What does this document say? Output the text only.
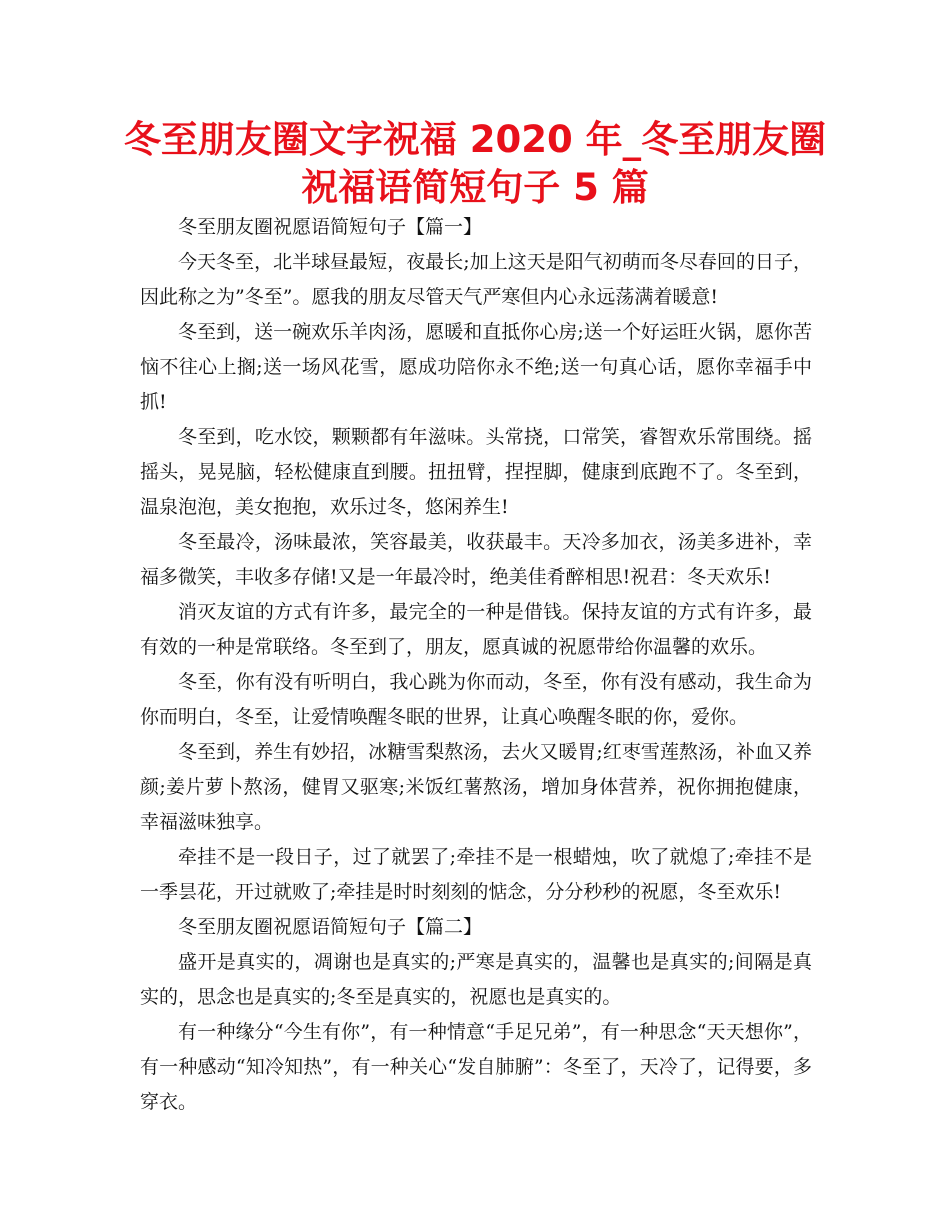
冬至朋友圈文字祝福 2020 年_冬至朋友圈祝福语简短句子 5 篇

冬至朋友圈祝愿语简短句子【篇一】

今天冬至，北半球昼最短，夜最长;加上这天是阳气初萌而冬尽春回的日子，因此称之为”冬至”。愿我的朋友尽管天气严寒但内心永远荡满着暖意!

冬至到，送一碗欢乐羊肉汤，愿暖和直抵你心房;送一个好运旺火锅，愿你苦恼不往心上搁;送一场风花雪，愿成功陪你永不绝;送一句真心话，愿你幸福手中抓!

冬至到，吃水饺，颗颗都有年滋味。头常挠，口常笑，睿智欢乐常围绕。摇摇头，晃晃脑，轻松健康直到腰。扭扭臂，捏捏脚，健康到底跑不了。冬至到，温泉泡泡，美女抱抱，欢乐过冬，悠闲养生!

冬至最冷，汤味最浓，笑容最美，收获最丰。天冷多加衣，汤美多进补，幸福多微笑，丰收多存储!又是一年最冷时，绝美佳肴醉相思!祝君：冬天欢乐!

消灭友谊的方式有许多，最完全的一种是借钱。保持友谊的方式有许多，最有效的一种是常联络。冬至到了，朋友，愿真诚的祝愿带给你温馨的欢乐。

冬至，你有没有听明白，我心跳为你而动，冬至，你有没有感动，我生命为你而明白，冬至，让爱情唤醒冬眠的世界，让真心唤醒冬眠的你，爱你。

冬至到，养生有妙招，冰糖雪梨熬汤，去火又暖胃;红枣雪莲熬汤，补血又养颜;姜片萝卜熬汤，健胃又驱寒;米饭红薯熬汤，增加身体营养，祝你拥抱健康，幸福滋味独享。

牵挂不是一段日子，过了就罢了;牵挂不是一根蜡烛，吹了就熄了;牵挂不是一季昙花，开过就败了;牵挂是时时刻刻的惦念，分分秒秒的祝愿，冬至欢乐!

冬至朋友圈祝愿语简短句子【篇二】

盛开是真实的，凋谢也是真实的;严寒是真实的，温馨也是真实的;间隔是真实的，思念也是真实的;冬至是真实的，祝愿也是真实的。

有一种缘分“今生有你”，有一种情意“手足兄弟”，有一种思念“天天想你”，有一种感动“知冷知热”，有一种关心“发自肺腑”：冬至了，天冷了，记得要，多穿衣。
